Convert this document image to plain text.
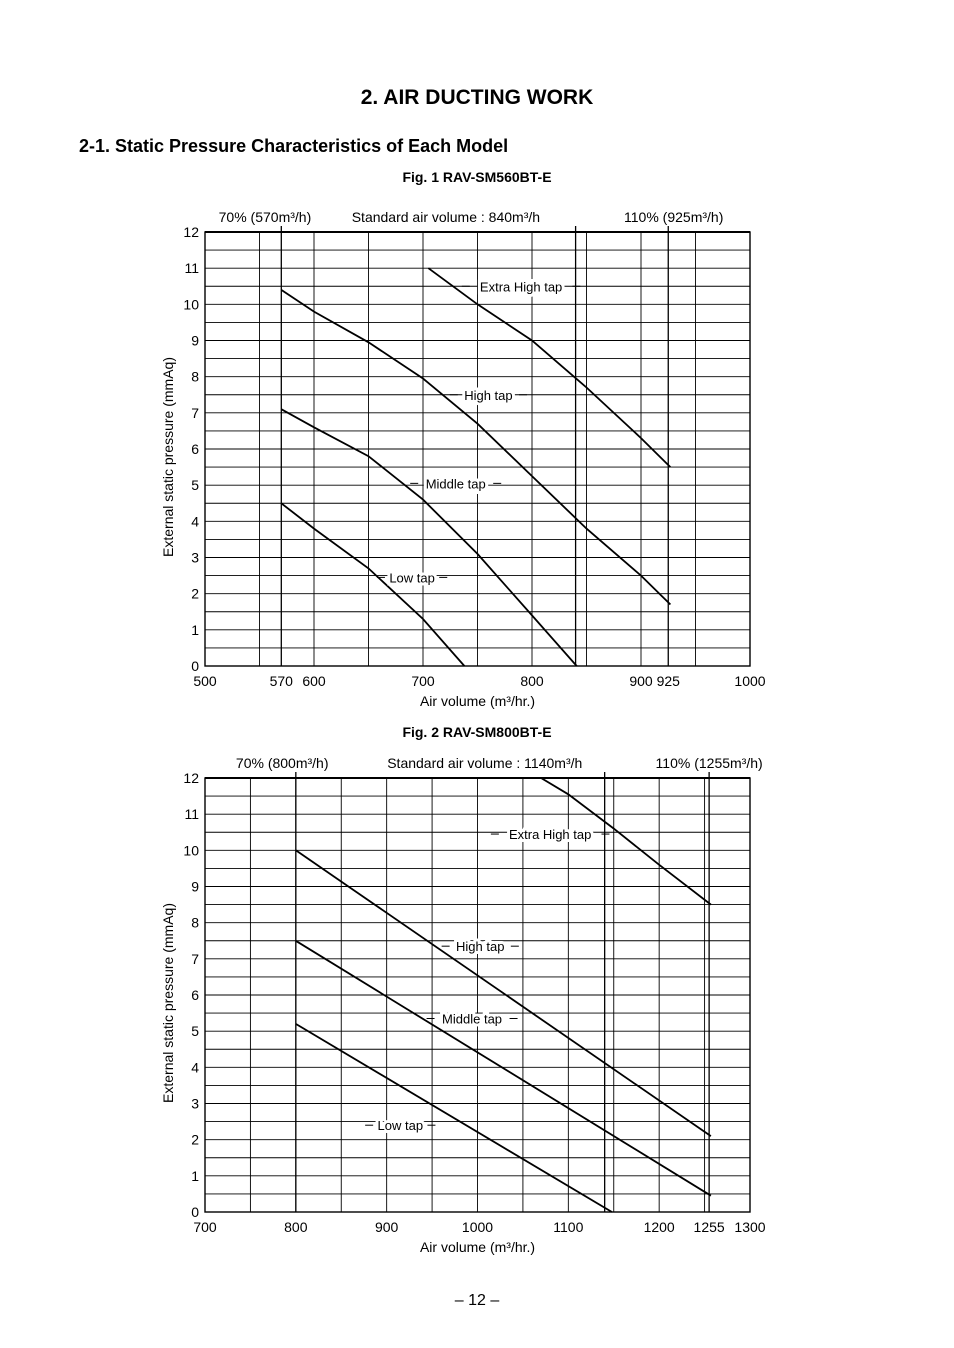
2. AIR DUCTING WORK
2-1. Static Pressure Characteristics of Each Model
Fig. 1 RAV-SM560BT-E
70% (570m³/h)	Standard air volume : 840m³/h	110% (925m³/h)
0
1
2
3
4
5
6
7
8
9
10
11
12
500	570 600	700	800	900 925	1000
Air volume (m³/hr.)
External static pressure (mmAq)
Extra High tap
High tap
Middle tap
Low tap
Fig. 2 RAV-SM800BT-E
70% (800m³/h)	Standard air volume : 1140m³/h	110% (1255m³/h)
0
1
2
3
4
5
6
7
8
9
10
11
12
700	800	900	1000	1100	1200 1255 1300
Air volume (m³/hr.)
External static pressure (mmAq)
Extra High tap
High tap
Middle tap
Low tap
– 12 –
